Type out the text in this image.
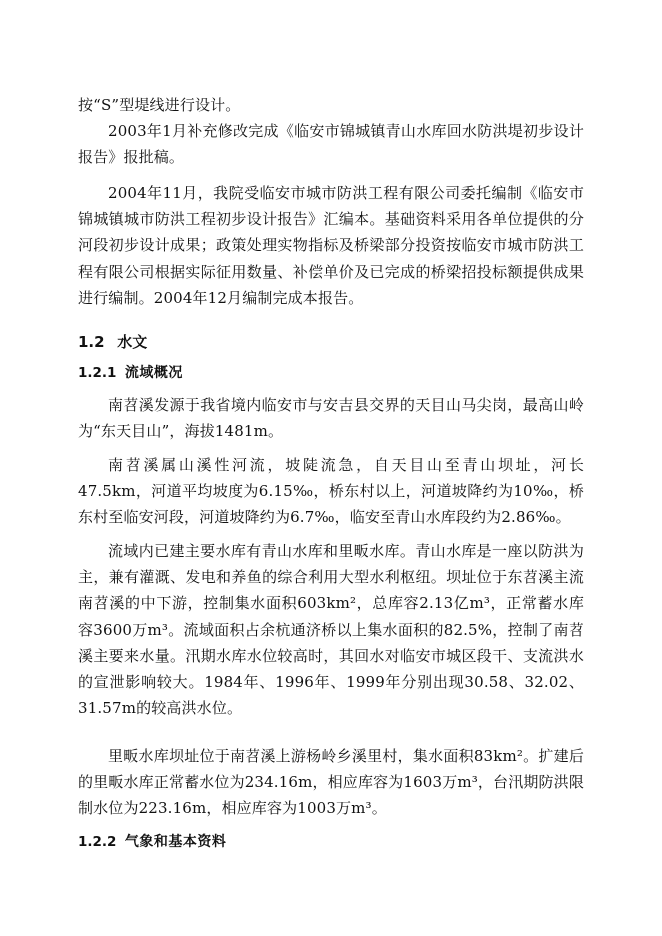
按“S”型堤线进行设计。

2003年1月补充修改完成《临安市锦城镇青山水库回水防洪堤初步设计报告》报批稿。

2004年11月，我院受临安市城市防洪工程有限公司委托编制《临安市锦城镇城市防洪工程初步设计报告》汇编本。基础资料采用各单位提供的分河段初步设计成果；政策处理实物指标及桥梁部分投资按临安市城市防洪工程有限公司根据实际征用数量、补偿单价及已完成的桥梁招投标额提供成果进行编制。2004年12月编制完成本报告。

1.2 水文
1.2.1 流域概况

南苕溪发源于我省境内临安市与安吉县交界的天目山马尖岗，最高山岭为“东天目山”，海拔1481m。

南苕溪属山溪性河流，坡陡流急，自天目山至青山坝址，河长47.5km，河道平均坡度为6.15‰，桥东村以上，河道坡降约为10‰，桥东村至临安河段，河道坡降约为6.7‰，临安至青山水库段约为2.86‰。

流域内已建主要水库有青山水库和里畈水库。青山水库是一座以防洪为主，兼有灌溉、发电和养鱼的综合利用大型水利枢纽。坝址位于东苕溪主流南苕溪的中下游，控制集水面积603km²，总库容2.13亿m³，正常蓄水库容3600万m³。流域面积占余杭通济桥以上集水面积的82.5%，控制了南苕溪主要来水量。汛期水库水位较高时，其回水对临安市城区段干、支流洪水的宣泄影响较大。1984年、1996年、1999年分别出现30.58、32.02、31.57m的较高洪水位。

里畈水库坝址位于南苕溪上游杨岭乡溪里村，集水面积83km²。扩建后的里畈水库正常蓄水位为234.16m，相应库容为1603万m³，台汛期防洪限制水位为223.16m，相应库容为1003万m³。

1.2.2 气象和基本资料
